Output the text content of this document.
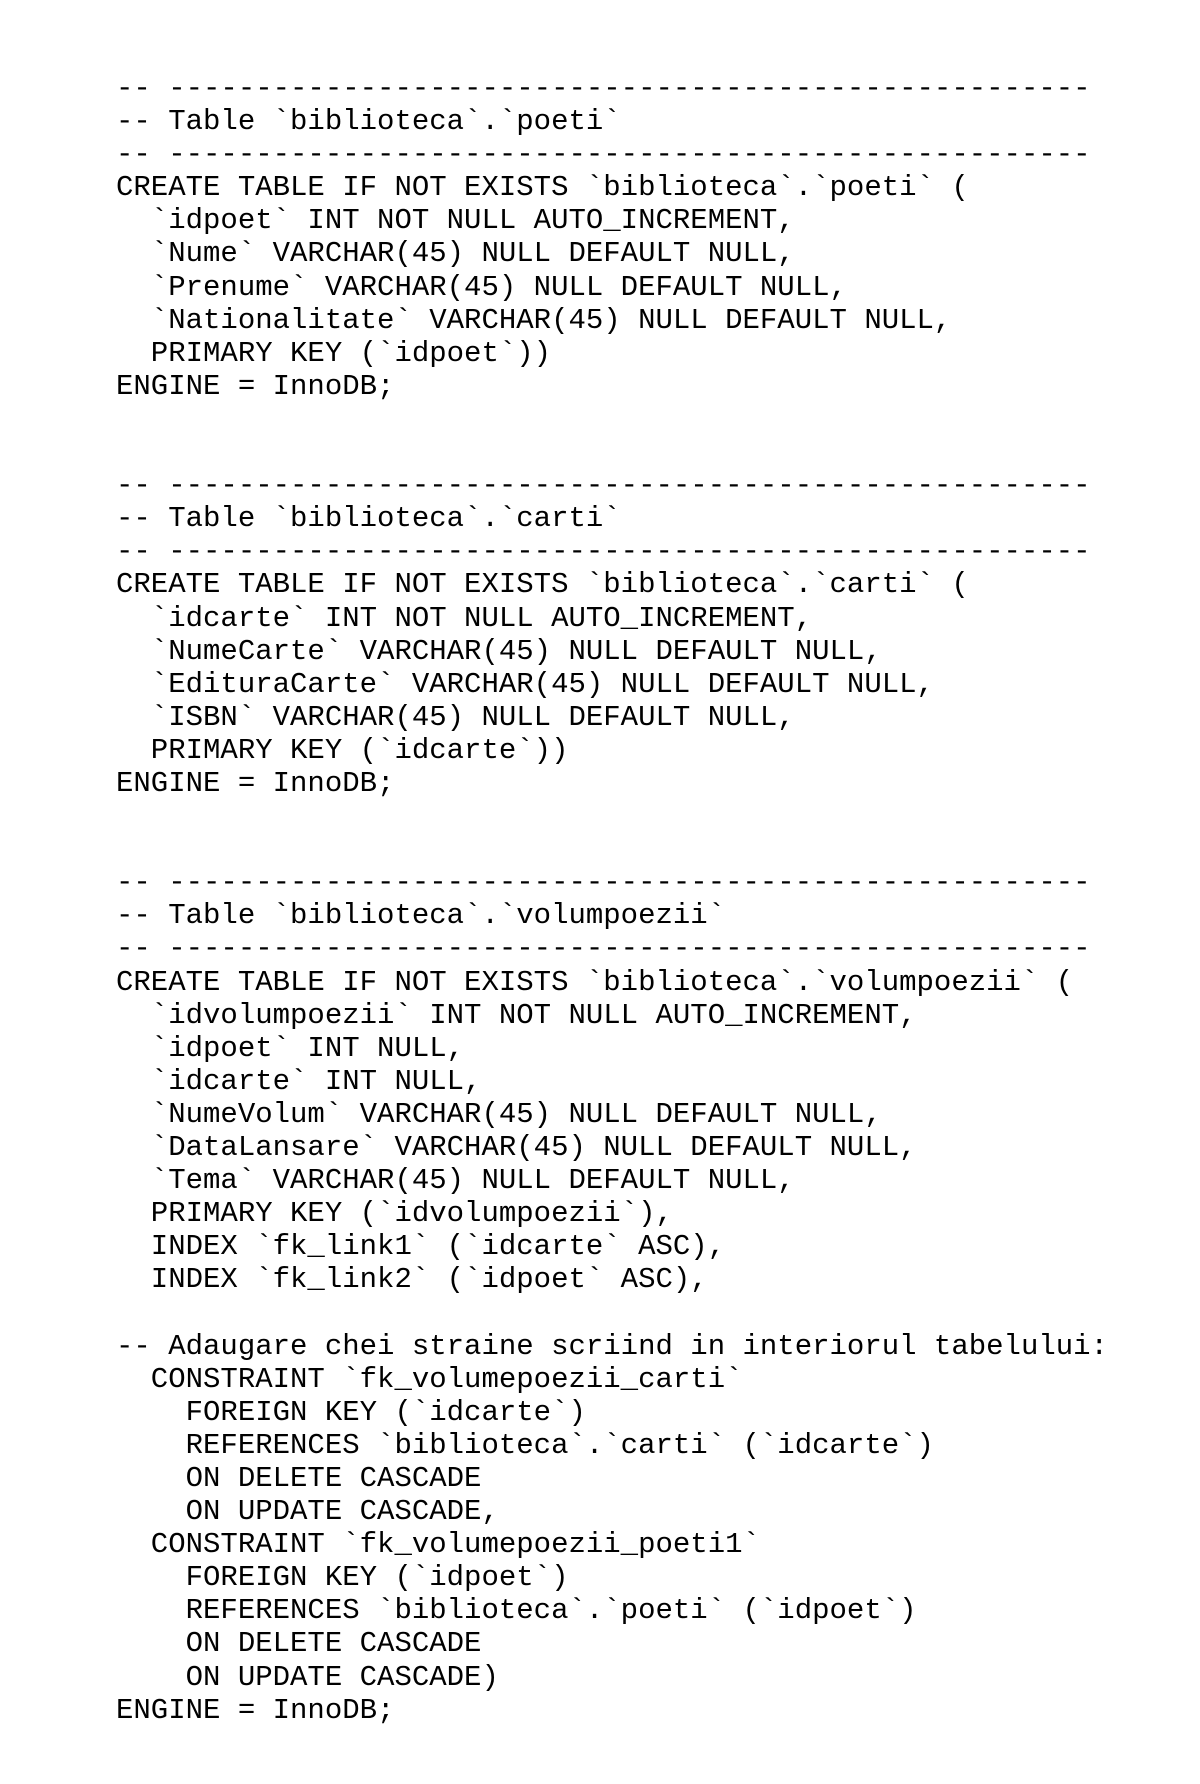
-- -----------------------------------------------------
-- Table `biblioteca`.`poeti`
-- -----------------------------------------------------
CREATE TABLE IF NOT EXISTS `biblioteca`.`poeti` (
`idpoet` INT NOT NULL AUTO_INCREMENT,
`Nume` VARCHAR(45) NULL DEFAULT NULL,
`Prenume` VARCHAR(45) NULL DEFAULT NULL,
`Nationalitate` VARCHAR(45) NULL DEFAULT NULL,
PRIMARY KEY (`idpoet`))
ENGINE = InnoDB;
-- -----------------------------------------------------
-- Table `biblioteca`.`carti`
-- -----------------------------------------------------
CREATE TABLE IF NOT EXISTS `biblioteca`.`carti` (
`idcarte` INT NOT NULL AUTO_INCREMENT,
`NumeCarte` VARCHAR(45) NULL DEFAULT NULL,
`EdituraCarte` VARCHAR(45) NULL DEFAULT NULL,
`ISBN` VARCHAR(45) NULL DEFAULT NULL,
PRIMARY KEY (`idcarte`))
ENGINE = InnoDB;
-- -----------------------------------------------------
-- Table `biblioteca`.`volumpoezii`
-- -----------------------------------------------------
CREATE TABLE IF NOT EXISTS `biblioteca`.`volumpoezii` (
`idvolumpoezii` INT NOT NULL AUTO_INCREMENT,
`idpoet` INT NULL,
`idcarte` INT NULL,
`NumeVolum` VARCHAR(45) NULL DEFAULT NULL,
`DataLansare` VARCHAR(45) NULL DEFAULT NULL,
`Tema` VARCHAR(45) NULL DEFAULT NULL,
PRIMARY KEY (`idvolumpoezii`),
INDEX `fk_link1` (`idcarte` ASC),
INDEX `fk_link2` (`idpoet` ASC),
-- Adaugare chei straine scriind in interiorul tabelului:
CONSTRAINT `fk_volumepoezii_carti`
FOREIGN KEY (`idcarte`)
REFERENCES `biblioteca`.`carti` (`idcarte`)
ON DELETE CASCADE
ON UPDATE CASCADE,
CONSTRAINT `fk_volumepoezii_poeti1`
FOREIGN KEY (`idpoet`)
REFERENCES `biblioteca`.`poeti` (`idpoet`)
ON DELETE CASCADE
ON UPDATE CASCADE)
ENGINE = InnoDB;
